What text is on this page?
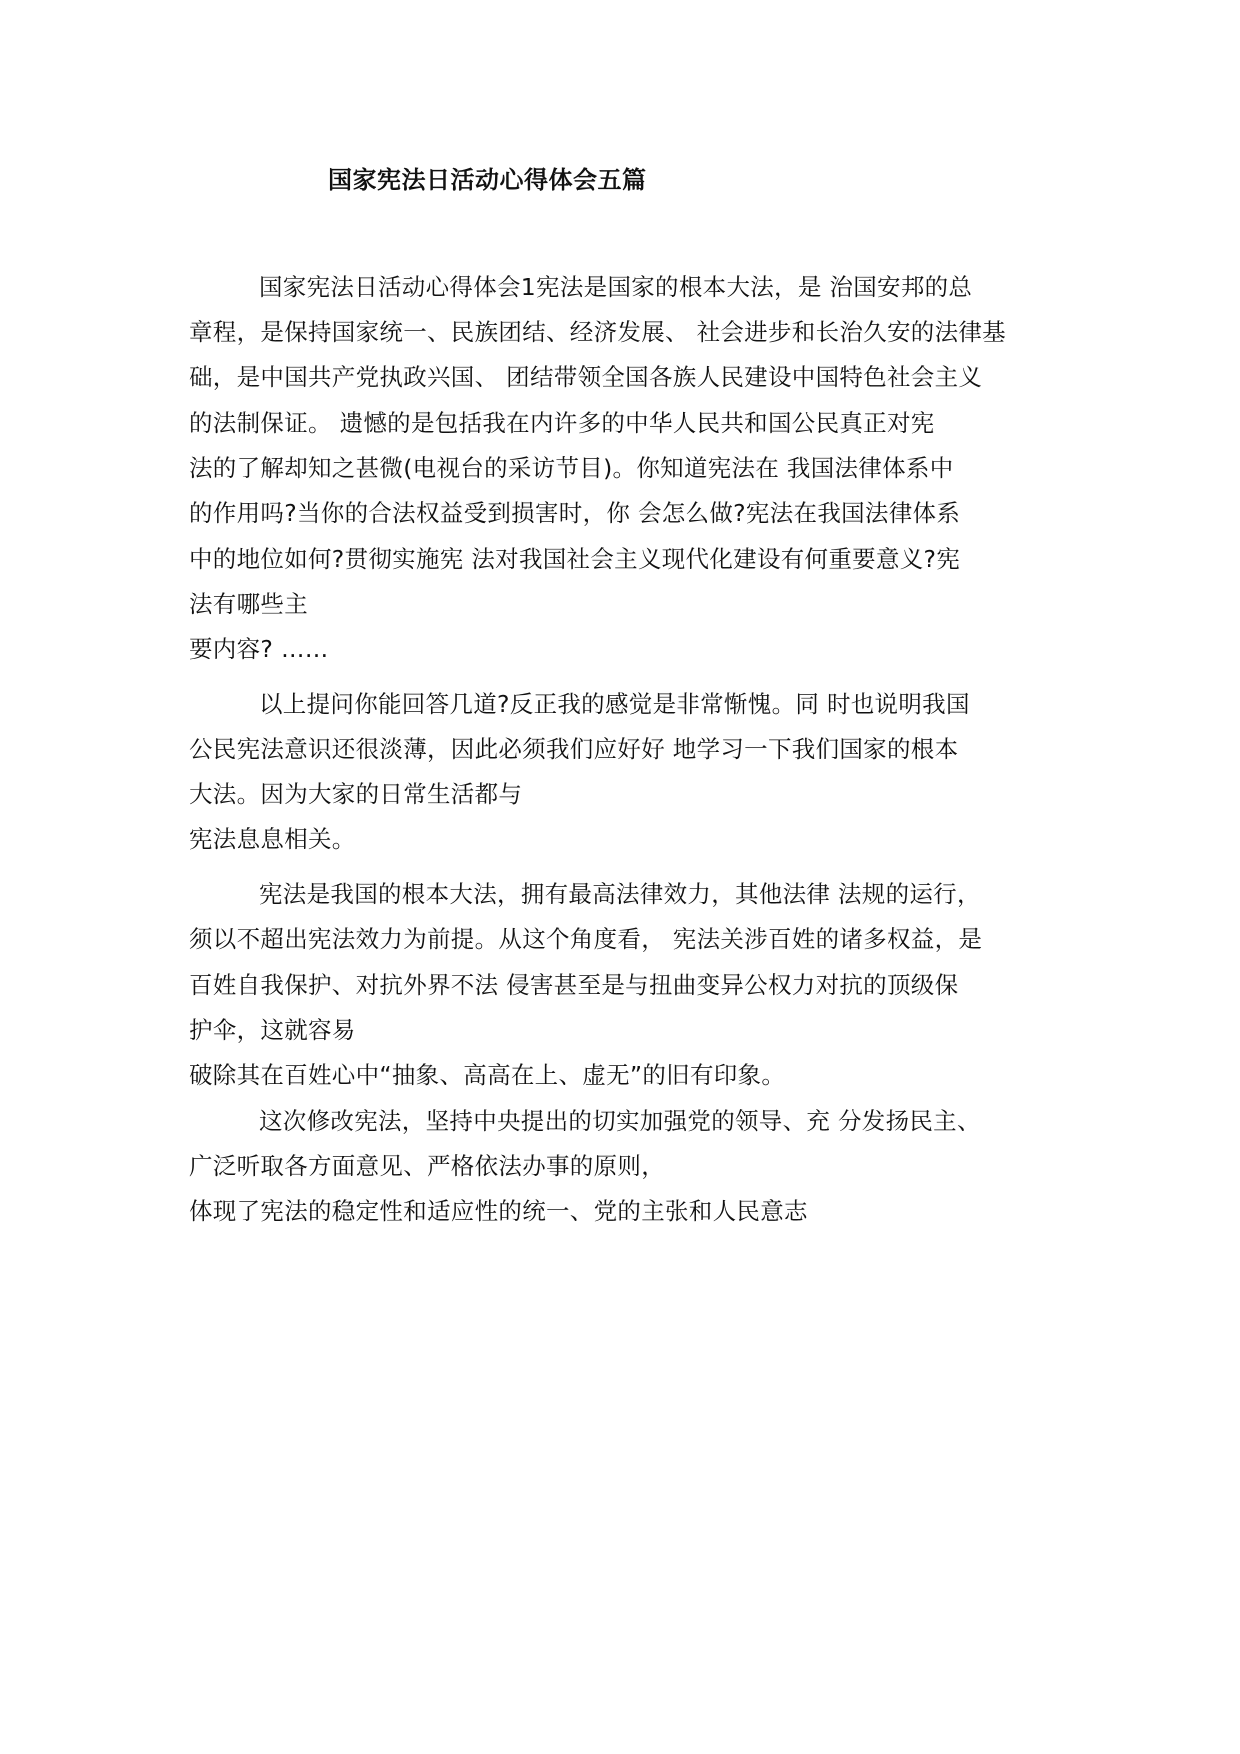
国家宪法日活动心得体会五篇
国家宪法日活动心得体会1宪法是国家的根本大法，是 治国安邦的总
章程，是保持国家统一、民族团结、经济发展、 社会进步和长治久安的法律基
础，是中国共产党执政兴国、 团结带领全国各族人民建设中国特色社会主义
的法制保证。 遗憾的是包括我在内许多的中华人民共和国公民真正对宪
法的了解却知之甚微(电视台的采访节目)。你知道宪法在 我国法律体系中
的作用吗?当你的合法权益受到损害时，你 会怎么做?宪法在我国法律体系
中的地位如何?贯彻实施宪 法对我国社会主义现代化建设有何重要意义?宪
法有哪些主
要内容? ……
以上提问你能回答几道?反正我的感觉是非常惭愧。同 时也说明我国
公民宪法意识还很淡薄，因此必须我们应好好 地学习一下我们国家的根本
大法。因为大家的日常生活都与
宪法息息相关。
宪法是我国的根本大法，拥有最高法律效力，其他法律 法规的运行，
须以不超出宪法效力为前提。从这个角度看， 宪法关涉百姓的诸多权益，是
百姓自我保护、对抗外界不法 侵害甚至是与扭曲变异公权力对抗的顶级保
护伞，这就容易
破除其在百姓心中“抽象、高高在上、虚无”的旧有印象。
这次修改宪法，坚持中央提出的切实加强党的领导、充 分发扬民主、
广泛听取各方面意见、严格依法办事的原则，
体现了宪法的稳定性和适应性的统一、党的主张和人民意志
